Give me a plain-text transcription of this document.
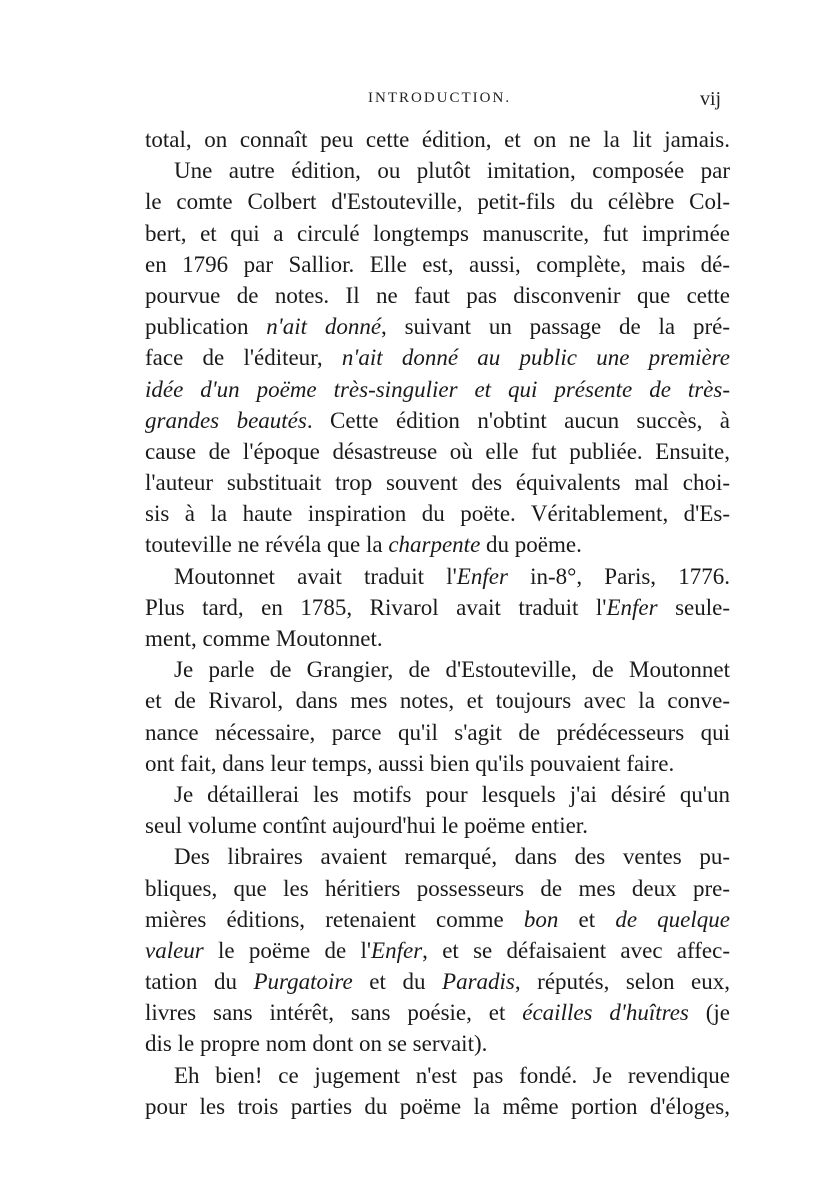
INTRODUCTION.	vij
total, on connaît peu cette édition, et on ne la lit jamais.
Une autre édition, ou plutôt imitation, composée par
le comte Colbert d'Estouteville, petit-fils du célèbre Col-
bert, et qui a circulé longtemps manuscrite, fut imprimée
en 1796 par Sallior. Elle est, aussi, complète, mais dé-
pourvue de notes. Il ne faut pas disconvenir que cette
publication n'ait donné, suivant un passage de la pré-
face de l'éditeur, n'ait donné au public une première
idée d'un poëme très-singulier et qui présente de très-
grandes beautés. Cette édition n'obtint aucun succès, à
cause de l'époque désastreuse où elle fut publiée. Ensuite,
l'auteur substituait trop souvent des équivalents mal choi-
sis à la haute inspiration du poëte. Véritablement, d'Es-
touteville ne révéla que la charpente du poëme.
Moutonnet avait traduit l'Enfer in-8°, Paris, 1776.
Plus tard, en 1785, Rivarol avait traduit l'Enfer seule-
ment, comme Moutonnet.
Je parle de Grangier, de d'Estouteville, de Moutonnet
et de Rivarol, dans mes notes, et toujours avec la conve-
nance nécessaire, parce qu'il s'agit de prédécesseurs qui
ont fait, dans leur temps, aussi bien qu'ils pouvaient faire.
Je détaillerai les motifs pour lesquels j'ai désiré qu'un
seul volume contînt aujourd'hui le poëme entier.
Des libraires avaient remarqué, dans des ventes pu-
bliques, que les héritiers possesseurs de mes deux pre-
mières éditions, retenaient comme bon et de quelque
valeur le poëme de l'Enfer, et se défaisaient avec affec-
tation du Purgatoire et du Paradis, réputés, selon eux,
livres sans intérêt, sans poésie, et écailles d'huîtres (je
dis le propre nom dont on se servait).
Eh bien! ce jugement n'est pas fondé. Je revendique
pour les trois parties du poëme la même portion d'éloges,
